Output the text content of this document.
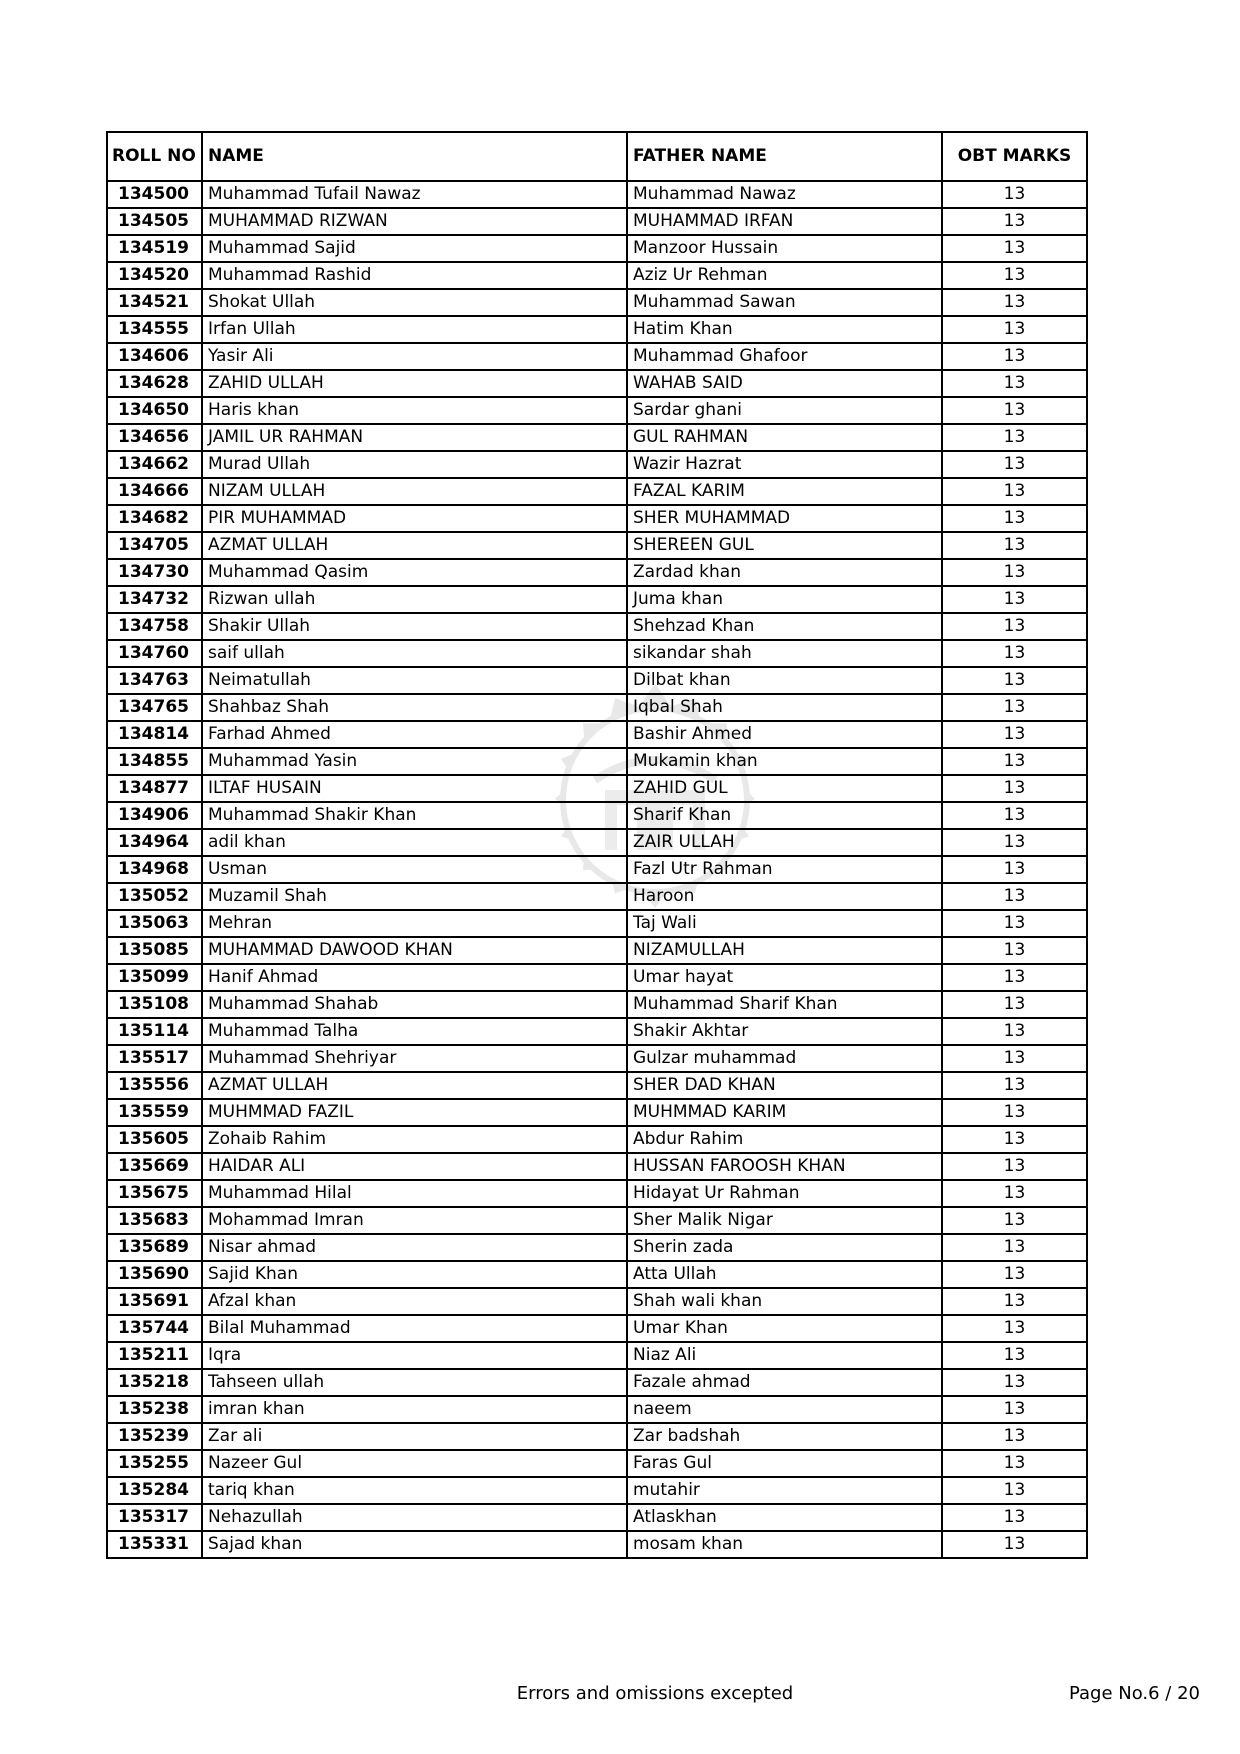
ROLL NO	NAME	FATHER NAME	OBT MARKS
134500	Muhammad Tufail Nawaz	Muhammad Nawaz	13
134505	MUHAMMAD RIZWAN	MUHAMMAD IRFAN	13
134519	Muhammad Sajid	Manzoor Hussain	13
134520	Muhammad Rashid	Aziz Ur Rehman	13
134521	Shokat Ullah	Muhammad Sawan	13
134555	Irfan Ullah	Hatim Khan	13
134606	Yasir Ali	Muhammad Ghafoor	13
134628	ZAHID ULLAH	WAHAB SAID	13
134650	Haris khan	Sardar ghani	13
134656	JAMIL UR RAHMAN	GUL RAHMAN	13
134662	Murad Ullah	Wazir Hazrat	13
134666	NIZAM ULLAH	FAZAL KARIM	13
134682	PIR MUHAMMAD	SHER MUHAMMAD	13
134705	AZMAT ULLAH	SHEREEN GUL	13
134730	Muhammad Qasim	Zardad khan	13
134732	Rizwan ullah	Juma khan	13
134758	Shakir Ullah	Shehzad Khan	13
134760	saif ullah	sikandar shah	13
134763	Neimatullah	Dilbat khan	13
134765	Shahbaz Shah	Iqbal Shah	13
134814	Farhad Ahmed	Bashir Ahmed	13
134855	Muhammad Yasin	Mukamin khan	13
134877	ILTAF HUSAIN	ZAHID GUL	13
134906	Muhammad Shakir Khan	Sharif Khan	13
134964	adil khan	ZAIR ULLAH	13
134968	Usman	Fazl Utr Rahman	13
135052	Muzamil Shah	Haroon	13
135063	Mehran	Taj Wali	13
135085	MUHAMMAD DAWOOD KHAN	NIZAMULLAH	13
135099	Hanif Ahmad	Umar hayat	13
135108	Muhammad Shahab	Muhammad Sharif Khan	13
135114	Muhammad Talha	Shakir Akhtar	13
135517	Muhammad Shehriyar	Gulzar muhammad	13
135556	AZMAT ULLAH	SHER DAD KHAN	13
135559	MUHMMAD FAZIL	MUHMMAD KARIM	13
135605	Zohaib Rahim	Abdur Rahim	13
135669	HAIDAR ALI	HUSSAN FAROOSH KHAN	13
135675	Muhammad Hilal	Hidayat Ur Rahman	13
135683	Mohammad Imran	Sher Malik Nigar	13
135689	Nisar ahmad	Sherin zada	13
135690	Sajid Khan	Atta Ullah	13
135691	Afzal khan	Shah wali khan	13
135744	Bilal Muhammad	Umar Khan	13
135211	Iqra	Niaz Ali	13
135218	Tahseen ullah	Fazale ahmad	13
135238	imran khan	naeem	13
135239	Zar ali	Zar badshah	13
135255	Nazeer Gul	Faras Gul	13
135284	tariq khan	mutahir	13
135317	Nehazullah	Atlaskhan	13
135331	Sajad khan	mosam khan	13
Errors and omissions excepted	Page No.6 / 20
